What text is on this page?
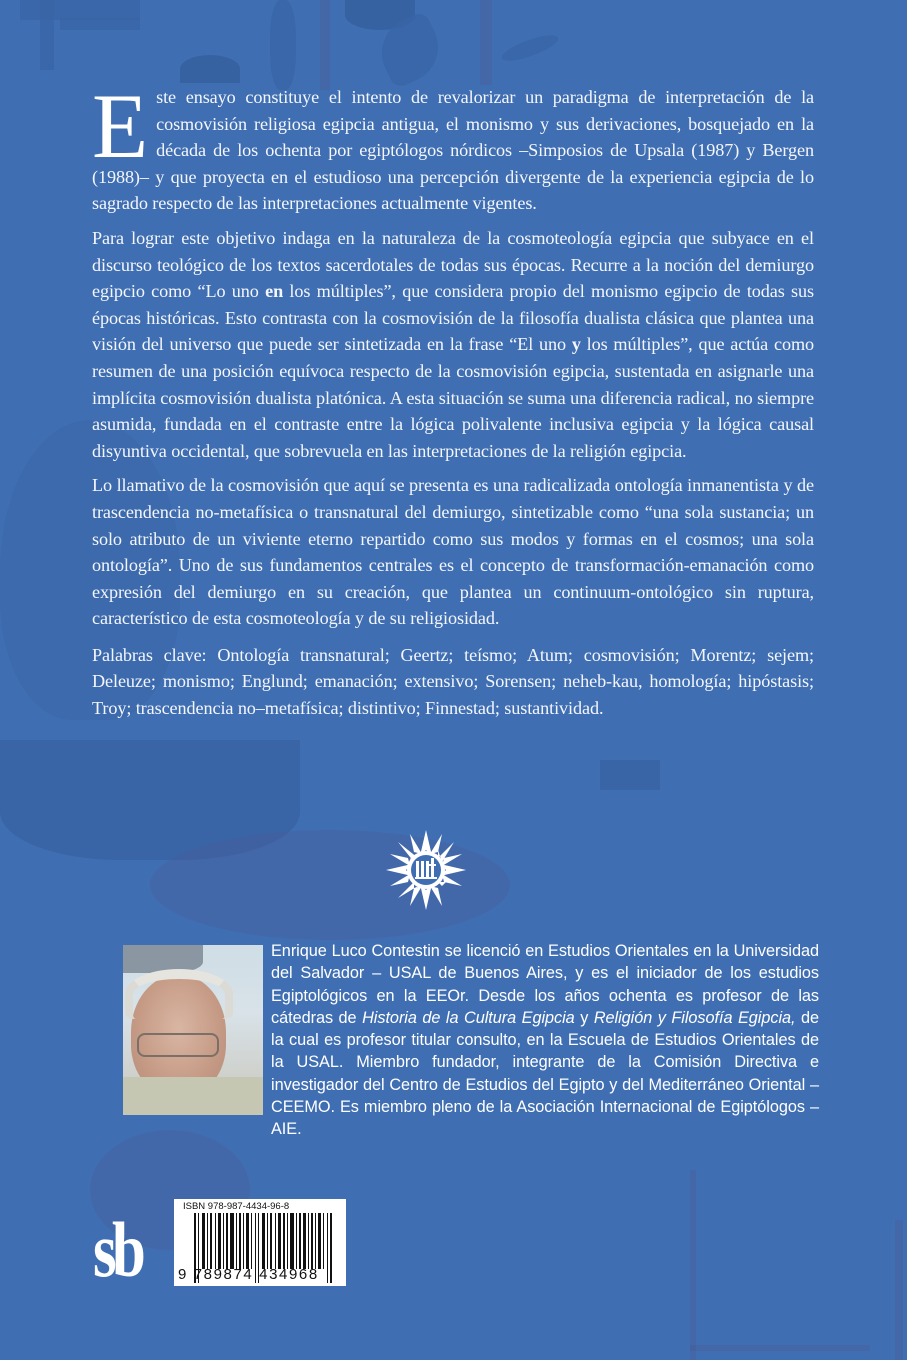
Este ensayo constituye el intento de revalorizar un paradigma de interpretación de la cosmovisión religiosa egipcia antigua, el monismo y sus derivaciones, bosquejado en la década de los ochenta por egiptólogos nórdicos –Simposios de Upsala (1987) y Bergen (1988)– y que proyecta en el estudioso una percepción divergente de la experiencia egipcia de lo sagrado respecto de las interpretaciones actualmente vigentes.

Para lograr este objetivo indaga en la naturaleza de la cosmoteología egipcia que subyace en el discurso teológico de los textos sacerdotales de todas sus épocas. Recurre a la noción del demiurgo egipcio como “Lo uno en los múltiples”, que considera propio del monismo egipcio de todas sus épocas históricas. Esto contrasta con la cosmovisión de la filosofía dualista clásica que plantea una visión del universo que puede ser sintetizada en la frase “El uno y los múltiples”, que actúa como resumen de una posición equívoca respecto de la cosmovisión egipcia, sustentada en asignarle una implícita cosmovisión dualista platónica. A esta situación se suma una diferencia radical, no siempre asumida, fundada en el contraste entre la lógica polivalente inclusiva egipcia y la lógica causal disyuntiva occidental, que sobrevuela en las interpretaciones de la religión egipcia.

Lo llamativo de la cosmovisión que aquí se presenta es una radicalizada ontología inmanentista y de trascendencia no-metafísica o transnatural del demiurgo, sintetizable como “una sola sustancia; un solo atributo de un viviente eterno repartido como sus modos y formas en el cosmos; una sola ontología”. Uno de sus fundamentos centrales es el concepto de transformación-emanación como expresión del demiurgo en su creación, que plantea un continuum-ontológico sin ruptura, característico de esta cosmoteología y de su religiosidad.

Palabras clave: Ontología transnatural; Geertz; teísmo; Atum; cosmovisión; Morentz; sejem; Deleuze; monismo; Englund; emanación; extensivo; Sorensen; neheb-kau, homología; hipóstasis; Troy; trascendencia no–metafísica; distintivo; Finnestad; sustantividad.

Enrique Luco Contestin se licenció en Estudios Orientales en la Universidad del Salvador – USAL de Buenos Aires, y es el iniciador de los estudios Egiptológicos en la EEOr. Desde los años ochenta es profesor de las cátedras de Historia de la Cultura Egipcia y Religión y Filosofía Egipcia, de la cual es profesor titular consulto, en la Escuela de Estudios Orientales de la USAL. Miembro fundador, integrante de la Comisión Directiva e investigador del Centro de Estudios del Egipto y del Mediterráneo Oriental – CEEMO. Es miembro pleno de la Asociación Internacional de Egiptólogos – AIE.
sb	ISBN 978-987-4434-96-8
9 789874 434968
